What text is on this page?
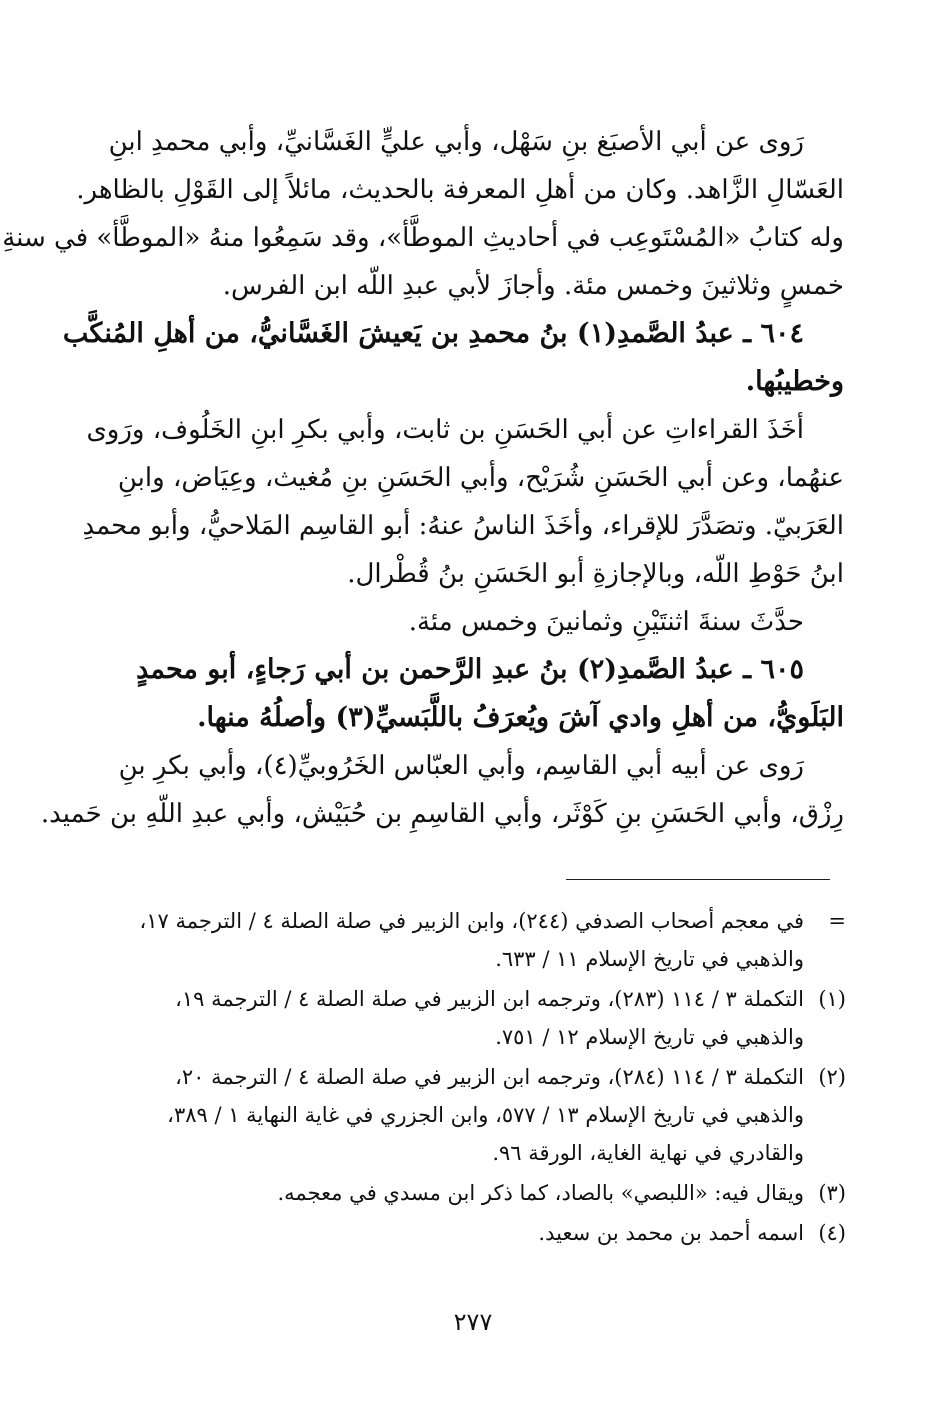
رَوى عن أبي الأصبَغ بنِ سَهْل، وأبي عليٍّ الغَسَّانيِّ، وأبي محمدِ ابنِ
العَسّالِ الزَّاهد. وكان من أهلِ المعرفة بالحديث، مائلاً إلى القَوْلِ بالظاهر.
وله كتابُ «المُسْتَوعِب في أحاديثِ الموطَّأ»، وقد سَمِعُوا منهُ «الموطَّأ» في سنةِ
خمسٍ وثلاثينَ وخمس مئة. وأجازَ لأبي عبدِ اللّه ابن الفرس.
٦٠٤ ـ عبدُ الصَّمدِ(١) بنُ محمدِ بن يَعيشَ الغَسَّانيُّ، من أهلِ المُنكَّب
وخطيبُها.
أخَذَ القراءاتِ عن أبي الحَسَنِ بن ثابت، وأبي بكرِ ابنِ الخَلُوف، ورَوى
عنهُما، وعن أبي الحَسَنِ شُرَيْح، وأبي الحَسَنِ بنِ مُغيث، وعِيَاض، وابنِ
العَرَبيّ. وتصَدَّرَ للإقراء، وأخَذَ الناسُ عنهُ: أبو القاسِم المَلاحيُّ، وأبو محمدِ
ابنُ حَوْطِ اللّه، وبالإجازةِ أبو الحَسَنِ بنُ قُطْرال.
حدَّثَ سنةَ اثنتَيْنِ وثمانينَ وخمس مئة.
٦٠٥ ـ عبدُ الصَّمدِ(٢) بنُ عبدِ الرَّحمن بن أبي رَجاءٍ، أبو محمدٍ
البَلَويُّ، من أهلِ وادي آشَ ويُعرَفُ باللَّبَسيِّ(٣) وأصلُهُ منها.
رَوى عن أبيه أبي القاسِم، وأبي العبّاس الخَرُوبيِّ(٤)، وأبي بكرِ بنِ
رِزْق، وأبي الحَسَنِ بنِ كَوْثَر، وأبي القاسِمِ بن حُبَيْش، وأبي عبدِ اللّهِ بن حَميد.
=
في معجم أصحاب الصدفي (٢٤٤)، وابن الزبير في صلة الصلة ٤ / الترجمة ١٧،
والذهبي في تاريخ الإسلام ١١ / ٦٣٣.
(١)
التكملة ٣ / ١١٤ (٢٨٣)، وترجمه ابن الزبير في صلة الصلة ٤ / الترجمة ١٩،
والذهبي في تاريخ الإسلام ١٢ / ٧٥١.
(٢)
التكملة ٣ / ١١٤ (٢٨٤)، وترجمه ابن الزبير في صلة الصلة ٤ / الترجمة ٢٠،
والذهبي في تاريخ الإسلام ١٣ / ٥٧٧، وابن الجزري في غاية النهاية ١ / ٣٨٩،
والقادري في نهاية الغاية، الورقة ٩٦.
(٣)
ويقال فيه: «اللبصي» بالصاد، كما ذكر ابن مسدي في معجمه.
(٤)
اسمه أحمد بن محمد بن سعيد.
٢٧٧
